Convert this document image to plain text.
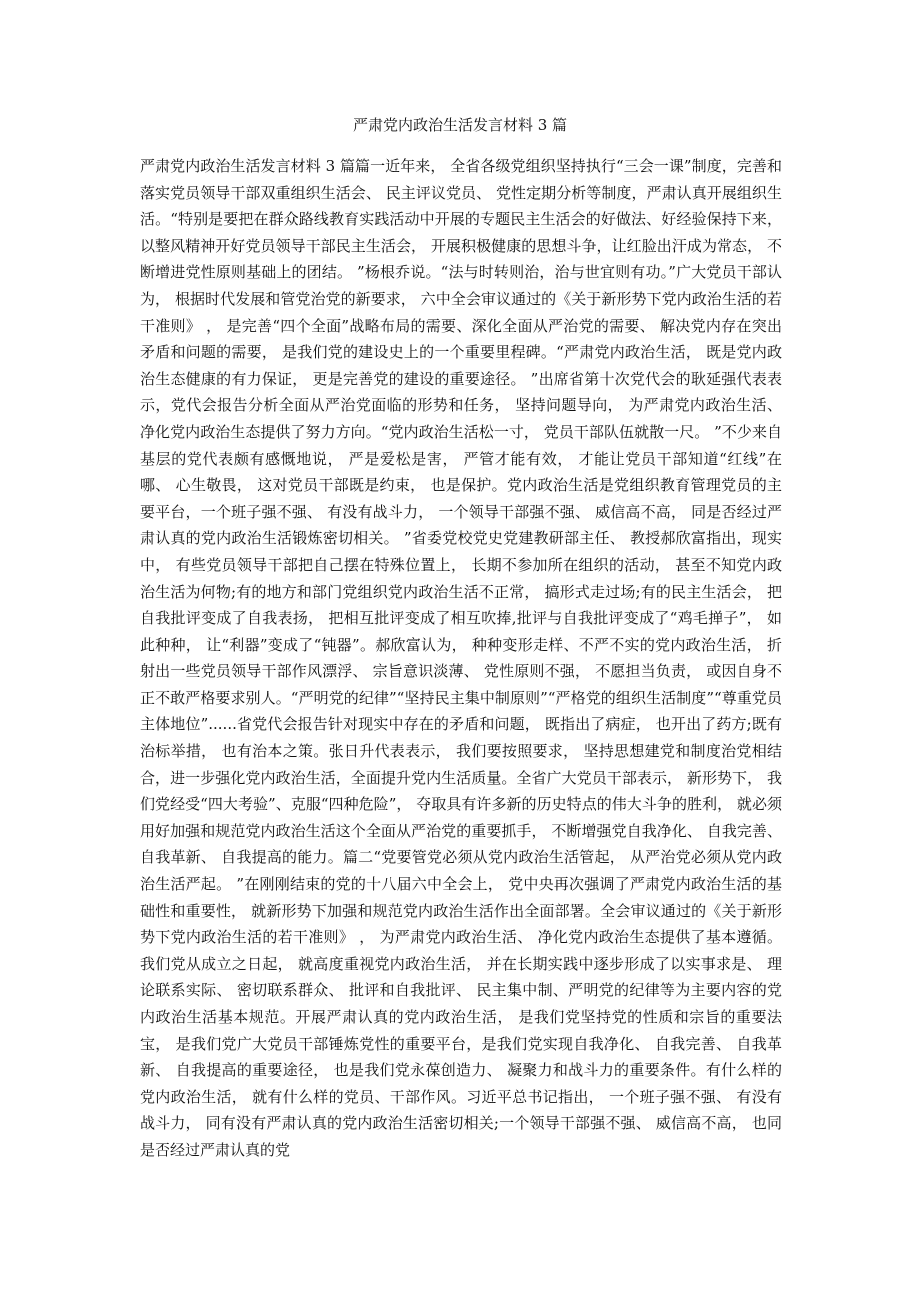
严肃党内政治生活发言材料 3 篇

严肃党内政治生活发言材料 3 篇篇一近年来， 全省各级党组织坚持执行“三会一课”制度，完善和落实党员领导干部双重组织生活会、 民主评议党员、 党性定期分析等制度，严肃认真开展组织生活。“特别是要把在群众路线教育实践活动中开展的专题民主生活会的好做法、好经验保持下来， 以整风精神开好党员领导干部民主生活会， 开展积极健康的思想斗争，让红脸出汗成为常态， 不断增进党性原则基础上的团结。 ”杨根乔说。“法与时转则治，治与世宜则有功。”广大党员干部认为， 根据时代发展和管党治党的新要求， 六中全会审议通过的《关于新形势下党内政治生活的若干准则》 ， 是完善“四个全面”战略布局的需要、深化全面从严治党的需要、 解决党内存在突出矛盾和问题的需要， 是我们党的建设史上的一个重要里程碑。“严肃党内政治生活， 既是党内政治生态健康的有力保证， 更是完善党的建设的重要途径。 ”出席省第十次党代会的耿延强代表表示，党代会报告分析全面从严治党面临的形势和任务， 坚持问题导向， 为严肃党内政治生活、 净化党内政治生态提供了努力方向。“党内政治生活松一寸， 党员干部队伍就散一尺。 ”不少来自基层的党代表颇有感慨地说， 严是爱松是害， 严管才能有效， 才能让党员干部知道“红线”在哪、 心生敬畏， 这对党员干部既是约束， 也是保护。党内政治生活是党组织教育管理党员的主要平台，一个班子强不强、 有没有战斗力， 一个领导干部强不强、 威信高不高， 同是否经过严肃认真的党内政治生活锻炼密切相关。 ”省委党校党史党建教研部主任、 教授郝欣富指出，现实中， 有些党员领导干部把自己摆在特殊位置上， 长期不参加所在组织的活动， 甚至不知党内政治生活为何物;有的地方和部门党组织党内政治生活不正常， 搞形式走过场;有的民主生活会， 把自我批评变成了自我表扬， 把相互批评变成了相互吹捧,批评与自我批评变成了“鸡毛掸子”， 如此种种， 让“利器”变成了“钝器”。郝欣富认为， 种种变形走样、不严不实的党内政治生活， 折射出一些党员领导干部作风漂浮、 宗旨意识淡薄、 党性原则不强， 不愿担当负责， 或因自身不正不敢严格要求别人。“严明党的纪律”“坚持民主集中制原则”“严格党的组织生活制度”“尊重党员主体地位”......省党代会报告针对现实中存在的矛盾和问题， 既指出了病症， 也开出了药方;既有治标举措， 也有治本之策。张日升代表表示， 我们要按照要求， 坚持思想建党和制度治党相结合，进一步强化党内政治生活，全面提升党内生活质量。全省广大党员干部表示， 新形势下， 我们党经受“四大考验”、克服“四种危险”， 夺取具有许多新的历史特点的伟大斗争的胜利， 就必须用好加强和规范党内政治生活这个全面从严治党的重要抓手， 不断增强党自我净化、 自我完善、 自我革新、 自我提高的能力。篇二“党要管党必须从党内政治生活管起， 从严治党必须从党内政治生活严起。 ”在刚刚结束的党的十八届六中全会上， 党中央再次强调了严肃党内政治生活的基础性和重要性， 就新形势下加强和规范党内政治生活作出全面部署。全会审议通过的《关于新形势下党内政治生活的若干准则》 ， 为严肃党内政治生活、 净化党内政治生态提供了基本遵循。我们党从成立之日起， 就高度重视党内政治生活， 并在长期实践中逐步形成了以实事求是、 理论联系实际、 密切联系群众、 批评和自我批评、 民主集中制、严明党的纪律等为主要内容的党内政治生活基本规范。开展严肃认真的党内政治生活， 是我们党坚持党的性质和宗旨的重要法宝， 是我们党广大党员干部锤炼党性的重要平台，是我们党实现自我净化、 自我完善、 自我革新、 自我提高的重要途径， 也是我们党永葆创造力、 凝聚力和战斗力的重要条件。有什么样的党内政治生活， 就有什么样的党员、干部作风。习近平总书记指出， 一个班子强不强、 有没有战斗力， 同有没有严肃认真的党内政治生活密切相关;一个领导干部强不强、 威信高不高， 也同是否经过严肃认真的党
